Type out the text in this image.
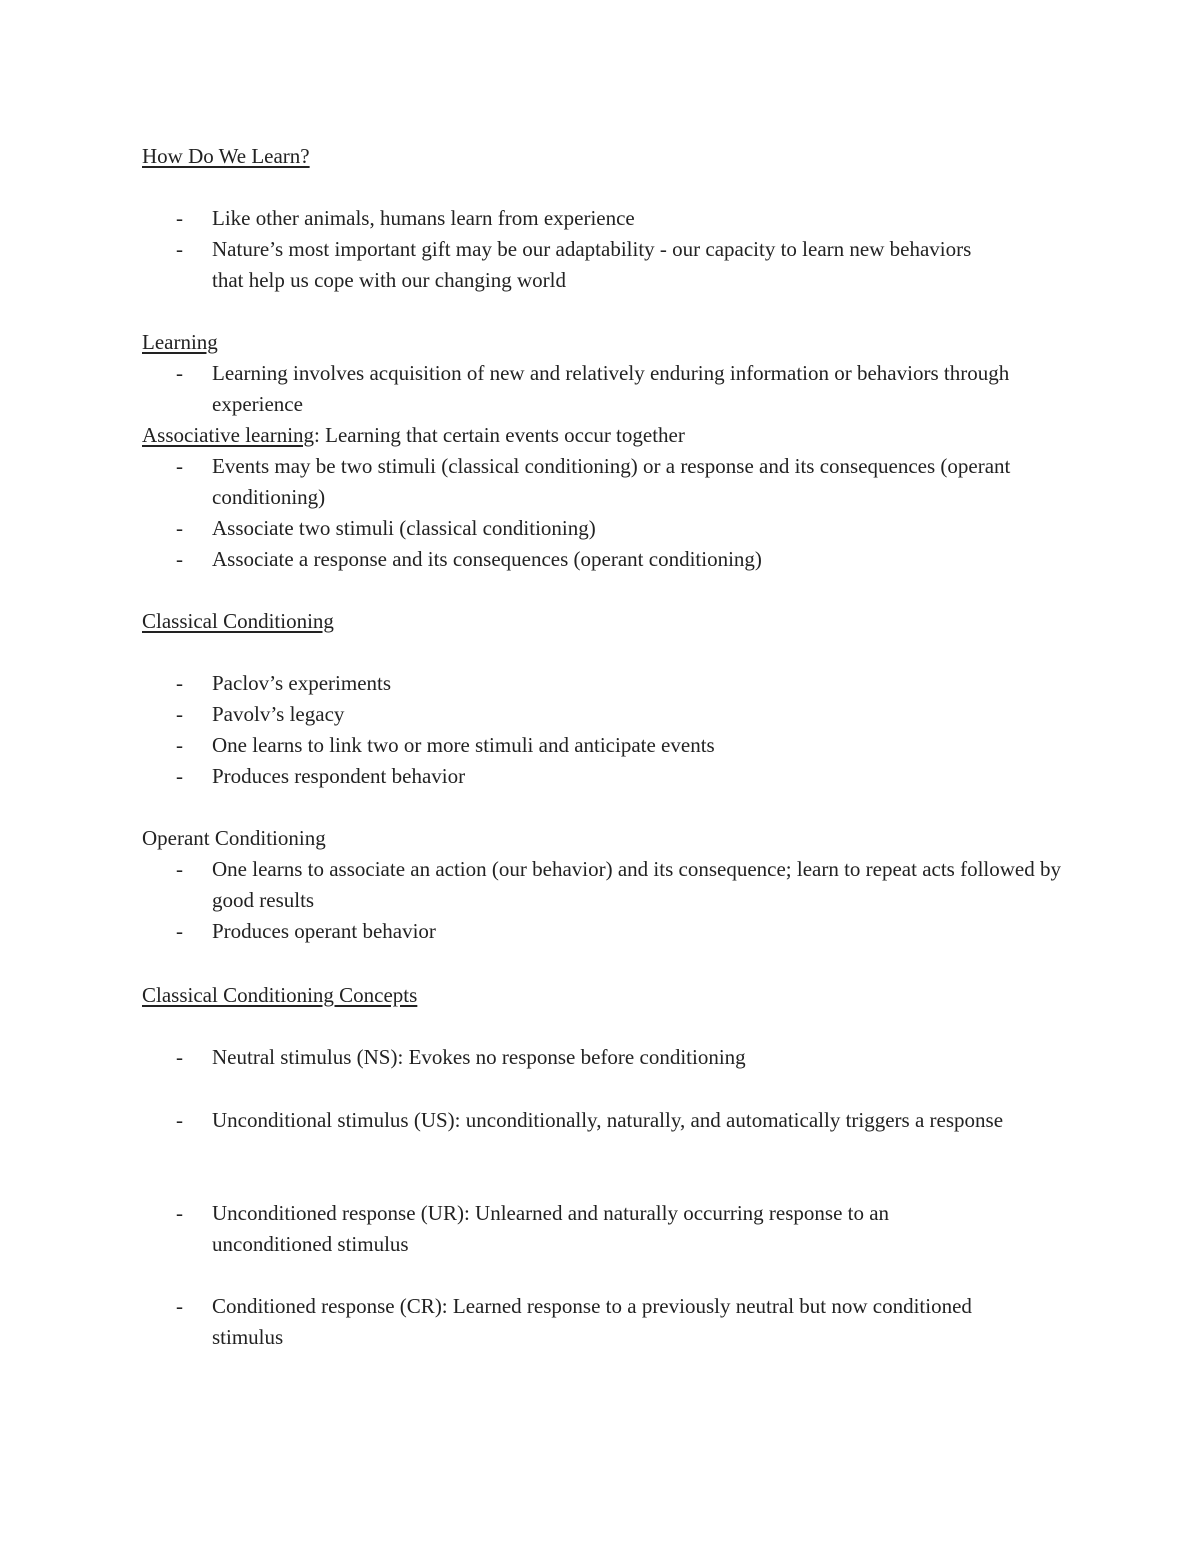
How Do We Learn?
- Like other animals, humans learn from experience
- Nature’s most important gift may be our adaptability - our capacity to learn new behaviors that help us cope with our changing world
Learning
- Learning involves acquisition of new and relatively enduring information or behaviors through experience
Associative learning: Learning that certain events occur together
- Events may be two stimuli (classical conditioning) or a response and its consequences (operant conditioning)
- Associate two stimuli (classical conditioning)
- Associate a response and its consequences (operant conditioning)
Classical Conditioning
- Paclov’s experiments
- Pavolv’s legacy
- One learns to link two or more stimuli and anticipate events
- Produces respondent behavior
Operant Conditioning
- One learns to associate an action (our behavior) and its consequence; learn to repeat acts followed by good results
- Produces operant behavior
Classical Conditioning Concepts
- Neutral stimulus (NS): Evokes no response before conditioning
- Unconditional stimulus (US): unconditionally, naturally, and automatically triggers a response
- Unconditioned response (UR): Unlearned and naturally occurring response to an unconditioned stimulus
- Conditioned response (CR): Learned response to a previously neutral but now conditioned stimulus
